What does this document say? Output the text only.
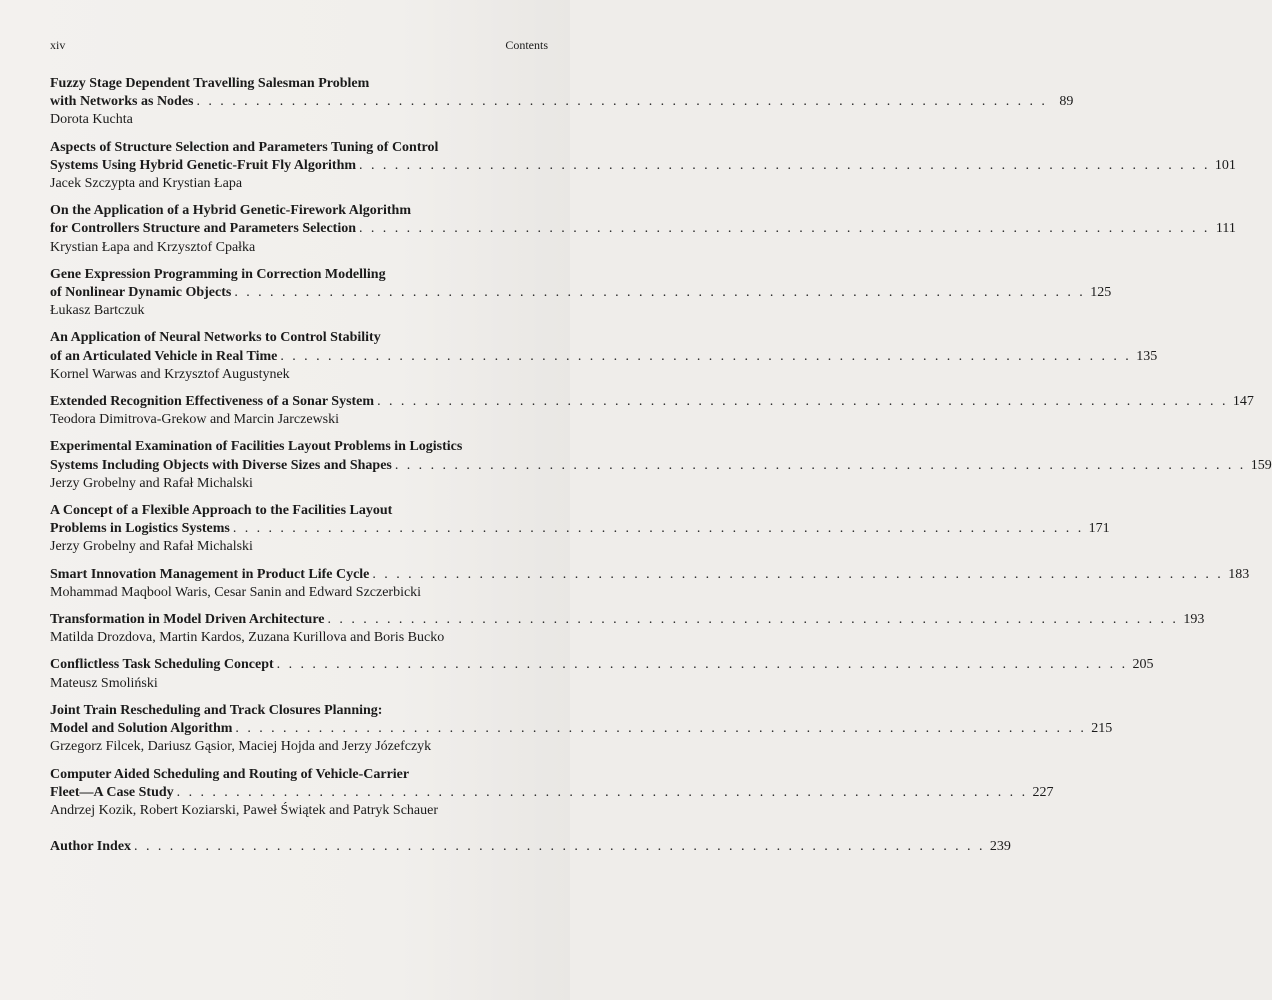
xiv	Contents
Fuzzy Stage Dependent Travelling Salesman Problem
with Networks as Nodes . . . . . . . . . . . . . . . . . . . . . . . . . . . . . . . . . . . . . . . . . . . . . . . . . . . . . . . . . . . . . . . . . . . . . . . . 89
Dorota Kuchta
Aspects of Structure Selection and Parameters Tuning of Control
Systems Using Hybrid Genetic-Fruit Fly Algorithm . . . . . . . . . . . . . . . . . . . . . . . . . . . . . . . . . . . . . . . . . . . . . . . . . . . . . . . . . . . . . . . . . . . . . . . . 101
Jacek Szczypta and Krystian Łapa
On the Application of a Hybrid Genetic-Firework Algorithm
for Controllers Structure and Parameters Selection . . . . . . . . . . . . . . . . . . . . . . . . . . . . . . . . . . . . . . . . . . . . . . . . . . . . . . . . . . . . . . . . . . . . . . . . 111
Krystian Łapa and Krzysztof Cpałka
Gene Expression Programming in Correction Modelling
of Nonlinear Dynamic Objects . . . . . . . . . . . . . . . . . . . . . . . . . . . . . . . . . . . . . . . . . . . . . . . . . . . . . . . . . . . . . . . . . . . . . . . . 125
Łukasz Bartczuk
An Application of Neural Networks to Control Stability
of an Articulated Vehicle in Real Time . . . . . . . . . . . . . . . . . . . . . . . . . . . . . . . . . . . . . . . . . . . . . . . . . . . . . . . . . . . . . . . . . . . . . . . . 135
Kornel Warwas and Krzysztof Augustynek
Extended Recognition Effectiveness of a Sonar System . . . . . . . . . . . . . . . . . . . . . . . . . . . . . . . . . . . . . . . . . . . . . . . . . . . . . . . . . . . . . . . . . . . . . . . . 147
Teodora Dimitrova-Grekow and Marcin Jarczewski
Experimental Examination of Facilities Layout Problems in Logistics
Systems Including Objects with Diverse Sizes and Shapes . . . . . . . . . . . . . . . . . . . . . . . . . . . . . . . . . . . . . . . . . . . . . . . . . . . . . . . . . . . . . . . . . . . . . . . . 159
Jerzy Grobelny and Rafał Michalski
A Concept of a Flexible Approach to the Facilities Layout
Problems in Logistics Systems . . . . . . . . . . . . . . . . . . . . . . . . . . . . . . . . . . . . . . . . . . . . . . . . . . . . . . . . . . . . . . . . . . . . . . . . 171
Jerzy Grobelny and Rafał Michalski
Smart Innovation Management in Product Life Cycle . . . . . . . . . . . . . . . . . . . . . . . . . . . . . . . . . . . . . . . . . . . . . . . . . . . . . . . . . . . . . . . . . . . . . . . . 183
Mohammad Maqbool Waris, Cesar Sanin and Edward Szczerbicki
Transformation in Model Driven Architecture . . . . . . . . . . . . . . . . . . . . . . . . . . . . . . . . . . . . . . . . . . . . . . . . . . . . . . . . . . . . . . . . . . . . . . . . 193
Matilda Drozdova, Martin Kardos, Zuzana Kurillova and Boris Bucko
Conflictless Task Scheduling Concept . . . . . . . . . . . . . . . . . . . . . . . . . . . . . . . . . . . . . . . . . . . . . . . . . . . . . . . . . . . . . . . . . . . . . . . . 205
Mateusz Smoliński
Joint Train Rescheduling and Track Closures Planning:
Model and Solution Algorithm . . . . . . . . . . . . . . . . . . . . . . . . . . . . . . . . . . . . . . . . . . . . . . . . . . . . . . . . . . . . . . . . . . . . . . . . 215
Grzegorz Filcek, Dariusz Gąsior, Maciej Hojda and Jerzy Józefczyk
Computer Aided Scheduling and Routing of Vehicle-Carrier
Fleet—A Case Study . . . . . . . . . . . . . . . . . . . . . . . . . . . . . . . . . . . . . . . . . . . . . . . . . . . . . . . . . . . . . . . . . . . . . . . . 227
Andrzej Kozik, Robert Koziarski, Paweł Świątek and Patryk Schauer
Author Index . . . . . . . . . . . . . . . . . . . . . . . . . . . . . . . . . . . . . . . . . . . . . . . . . . . . . . . . . . . . . . . . . . . . . . . . 239
